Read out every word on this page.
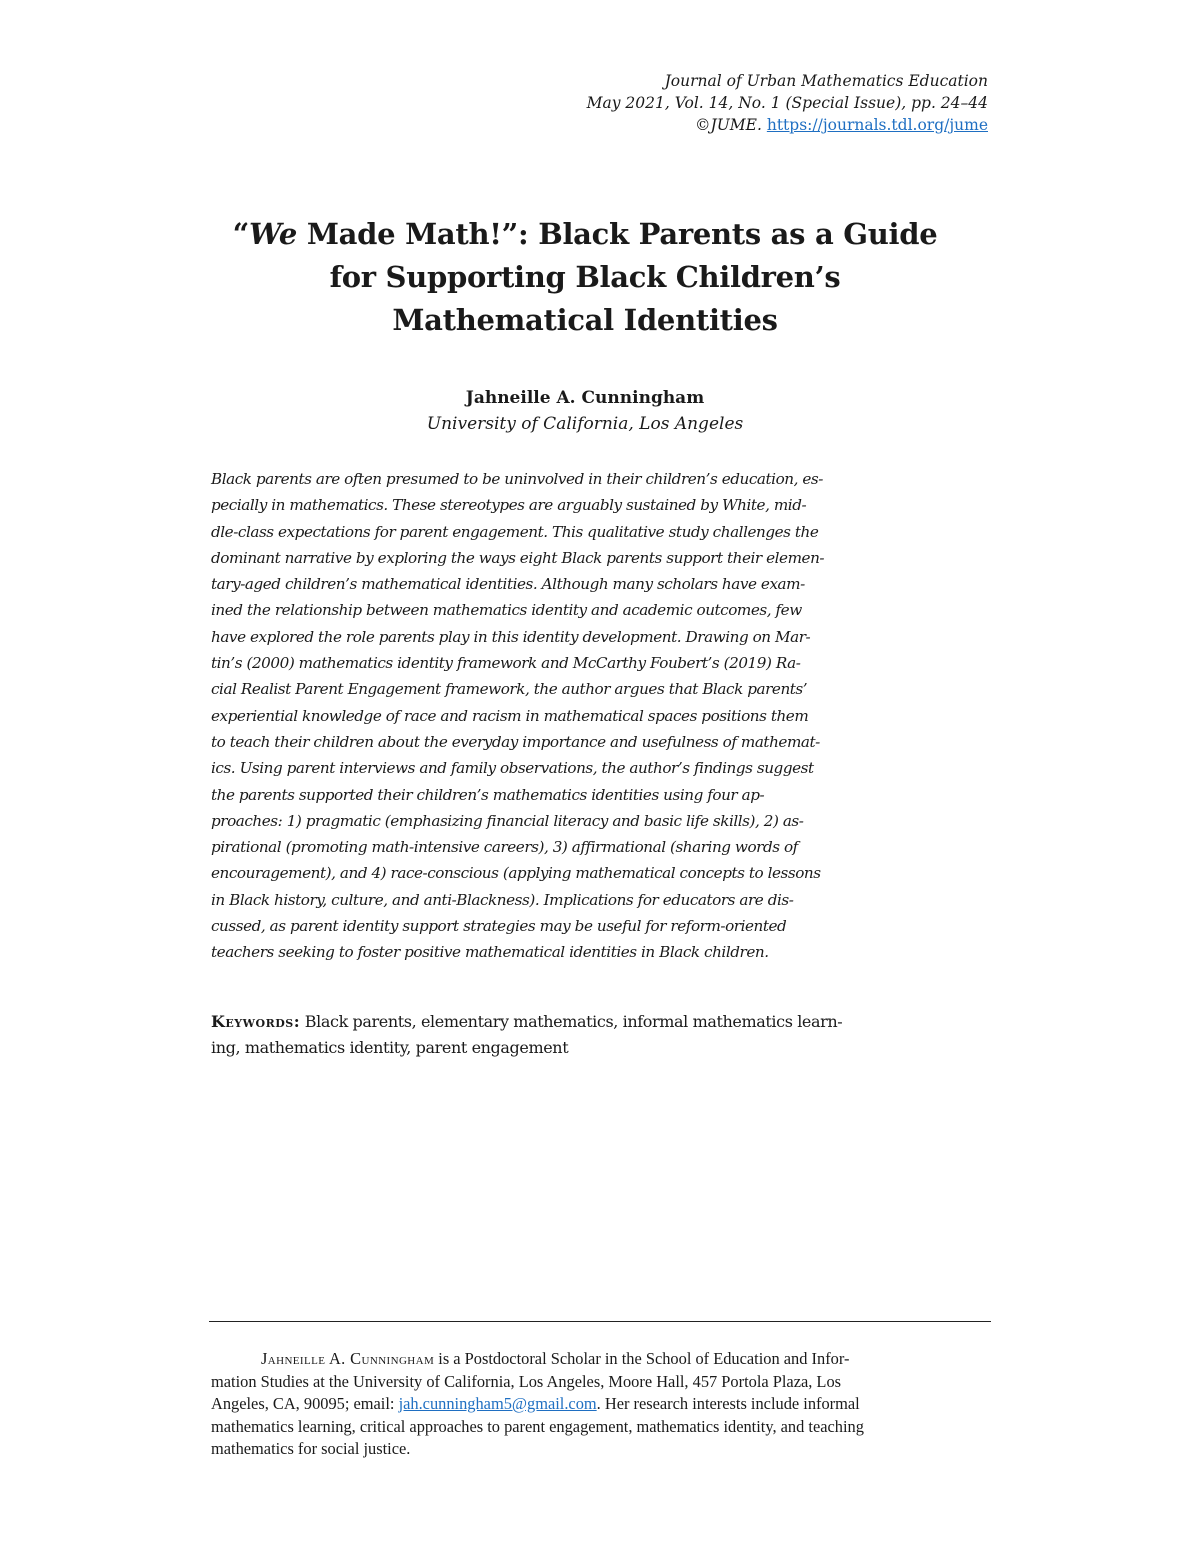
Journal of Urban Mathematics Education
May 2021, Vol. 14, No. 1 (Special Issue), pp. 24–44
©JUME. https://journals.tdl.org/jume
“We Made Math!”: Black Parents as a Guide
for Supporting Black Children’s
Mathematical Identities
Jahneille A. Cunningham
University of California, Los Angeles
Black parents are often presumed to be uninvolved in their children’s education, es-
pecially in mathematics. These stereotypes are arguably sustained by White, mid-
dle-class expectations for parent engagement. This qualitative study challenges the
dominant narrative by exploring the ways eight Black parents support their elemen-
tary-aged children’s mathematical identities. Although many scholars have exam-
ined the relationship between mathematics identity and academic outcomes, few
have explored the role parents play in this identity development. Drawing on Mar-
tin’s (2000) mathematics identity framework and McCarthy Foubert’s (2019) Ra-
cial Realist Parent Engagement framework, the author argues that Black parents’
experiential knowledge of race and racism in mathematical spaces positions them
to teach their children about the everyday importance and usefulness of mathemat-
ics. Using parent interviews and family observations, the author’s findings suggest
the parents supported their children’s mathematics identities using four ap-
proaches: 1) pragmatic (emphasizing financial literacy and basic life skills), 2) as-
pirational (promoting math-intensive careers), 3) affirmational (sharing words of
encouragement), and 4) race-conscious (applying mathematical concepts to lessons
in Black history, culture, and anti-Blackness). Implications for educators are dis-
cussed, as parent identity support strategies may be useful for reform-oriented
teachers seeking to foster positive mathematical identities in Black children.
Keywords: Black parents, elementary mathematics, informal mathematics learn-
ing, mathematics identity, parent engagement
Jahneille A. Cunningham is a Postdoctoral Scholar in the School of Education and Infor-
mation Studies at the University of California, Los Angeles, Moore Hall, 457 Portola Plaza, Los
Angeles, CA, 90095; email: jah.cunningham5@gmail.com. Her research interests include informal
mathematics learning, critical approaches to parent engagement, mathematics identity, and teaching
mathematics for social justice.
